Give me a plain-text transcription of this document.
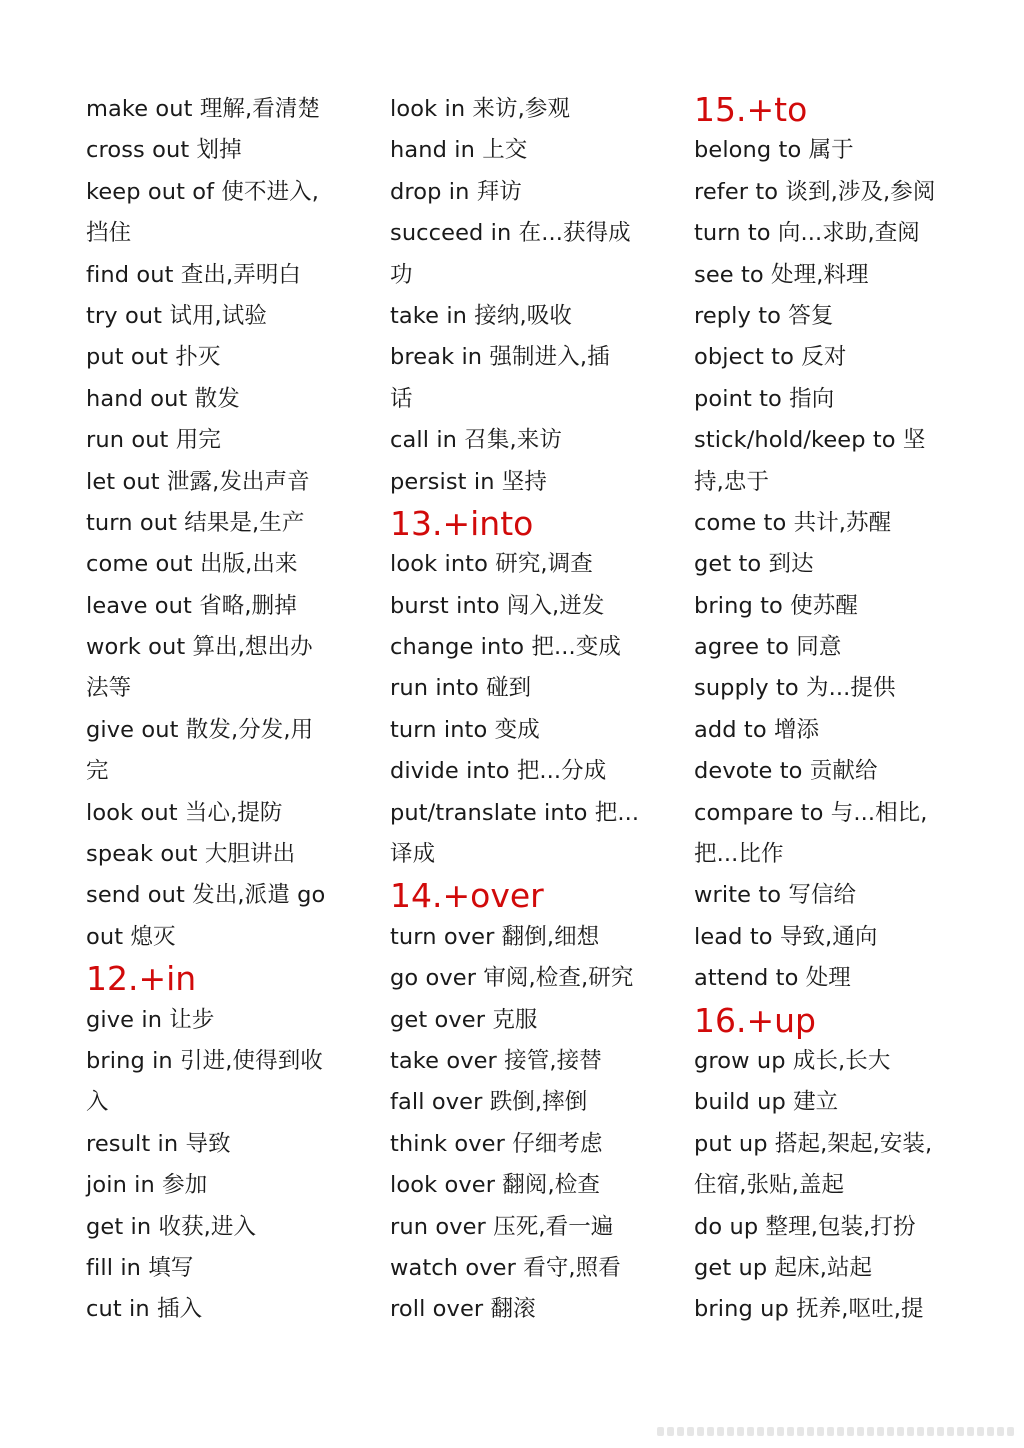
make out 理解,看清楚
cross out 划掉
keep out of 使不进入,
挡住
find out 查出,弄明白
try out 试用,试验
put out 扑灭
hand out 散发
run out 用完
let out 泄露,发出声音
turn out 结果是,生产
come out 出版,出来
leave out 省略,删掉
work out 算出,想出办
法等
give out 散发,分发,用
完
look out 当心,提防
speak out 大胆讲出
send out 发出,派遣 go
out 熄灭
12.+in
give in 让步
bring in 引进,使得到收
入
result in 导致
join in 参加
get in 收获,进入
fill in 填写
cut in 插入
look in 来访,参观
hand in 上交
drop in 拜访
succeed in 在...获得成
功
take in 接纳,吸收
break in 强制进入,插
话
call in 召集,来访
persist in 坚持
13.+into
look into 研究,调查
burst into 闯入,迸发
change into 把...变成
run into 碰到
turn into 变成
divide into 把...分成
put/translate into 把...
译成
14.+over
turn over 翻倒,细想
go over 审阅,检查,研究
get over 克服
take over 接管,接替
fall over 跌倒,摔倒
think over 仔细考虑
look over 翻阅,检查
run over 压死,看一遍
watch over 看守,照看
roll over 翻滚
15.+to
belong to 属于
refer to 谈到,涉及,参阅
turn to 向...求助,查阅
see to 处理,料理
reply to 答复
object to 反对
point to 指向
stick/hold/keep to 坚
持,忠于
come to 共计,苏醒
get to 到达
bring to 使苏醒
agree to 同意
supply to 为...提供
add to 增添
devote to 贡献给
compare to 与...相比,
把...比作
write to 写信给
lead to 导致,通向
attend to 处理
16.+up
grow up 成长,长大
build up 建立
put up 搭起,架起,安装,
住宿,张贴,盖起
do up 整理,包装,打扮
get up 起床,站起
bring up 抚养,呕吐,提
